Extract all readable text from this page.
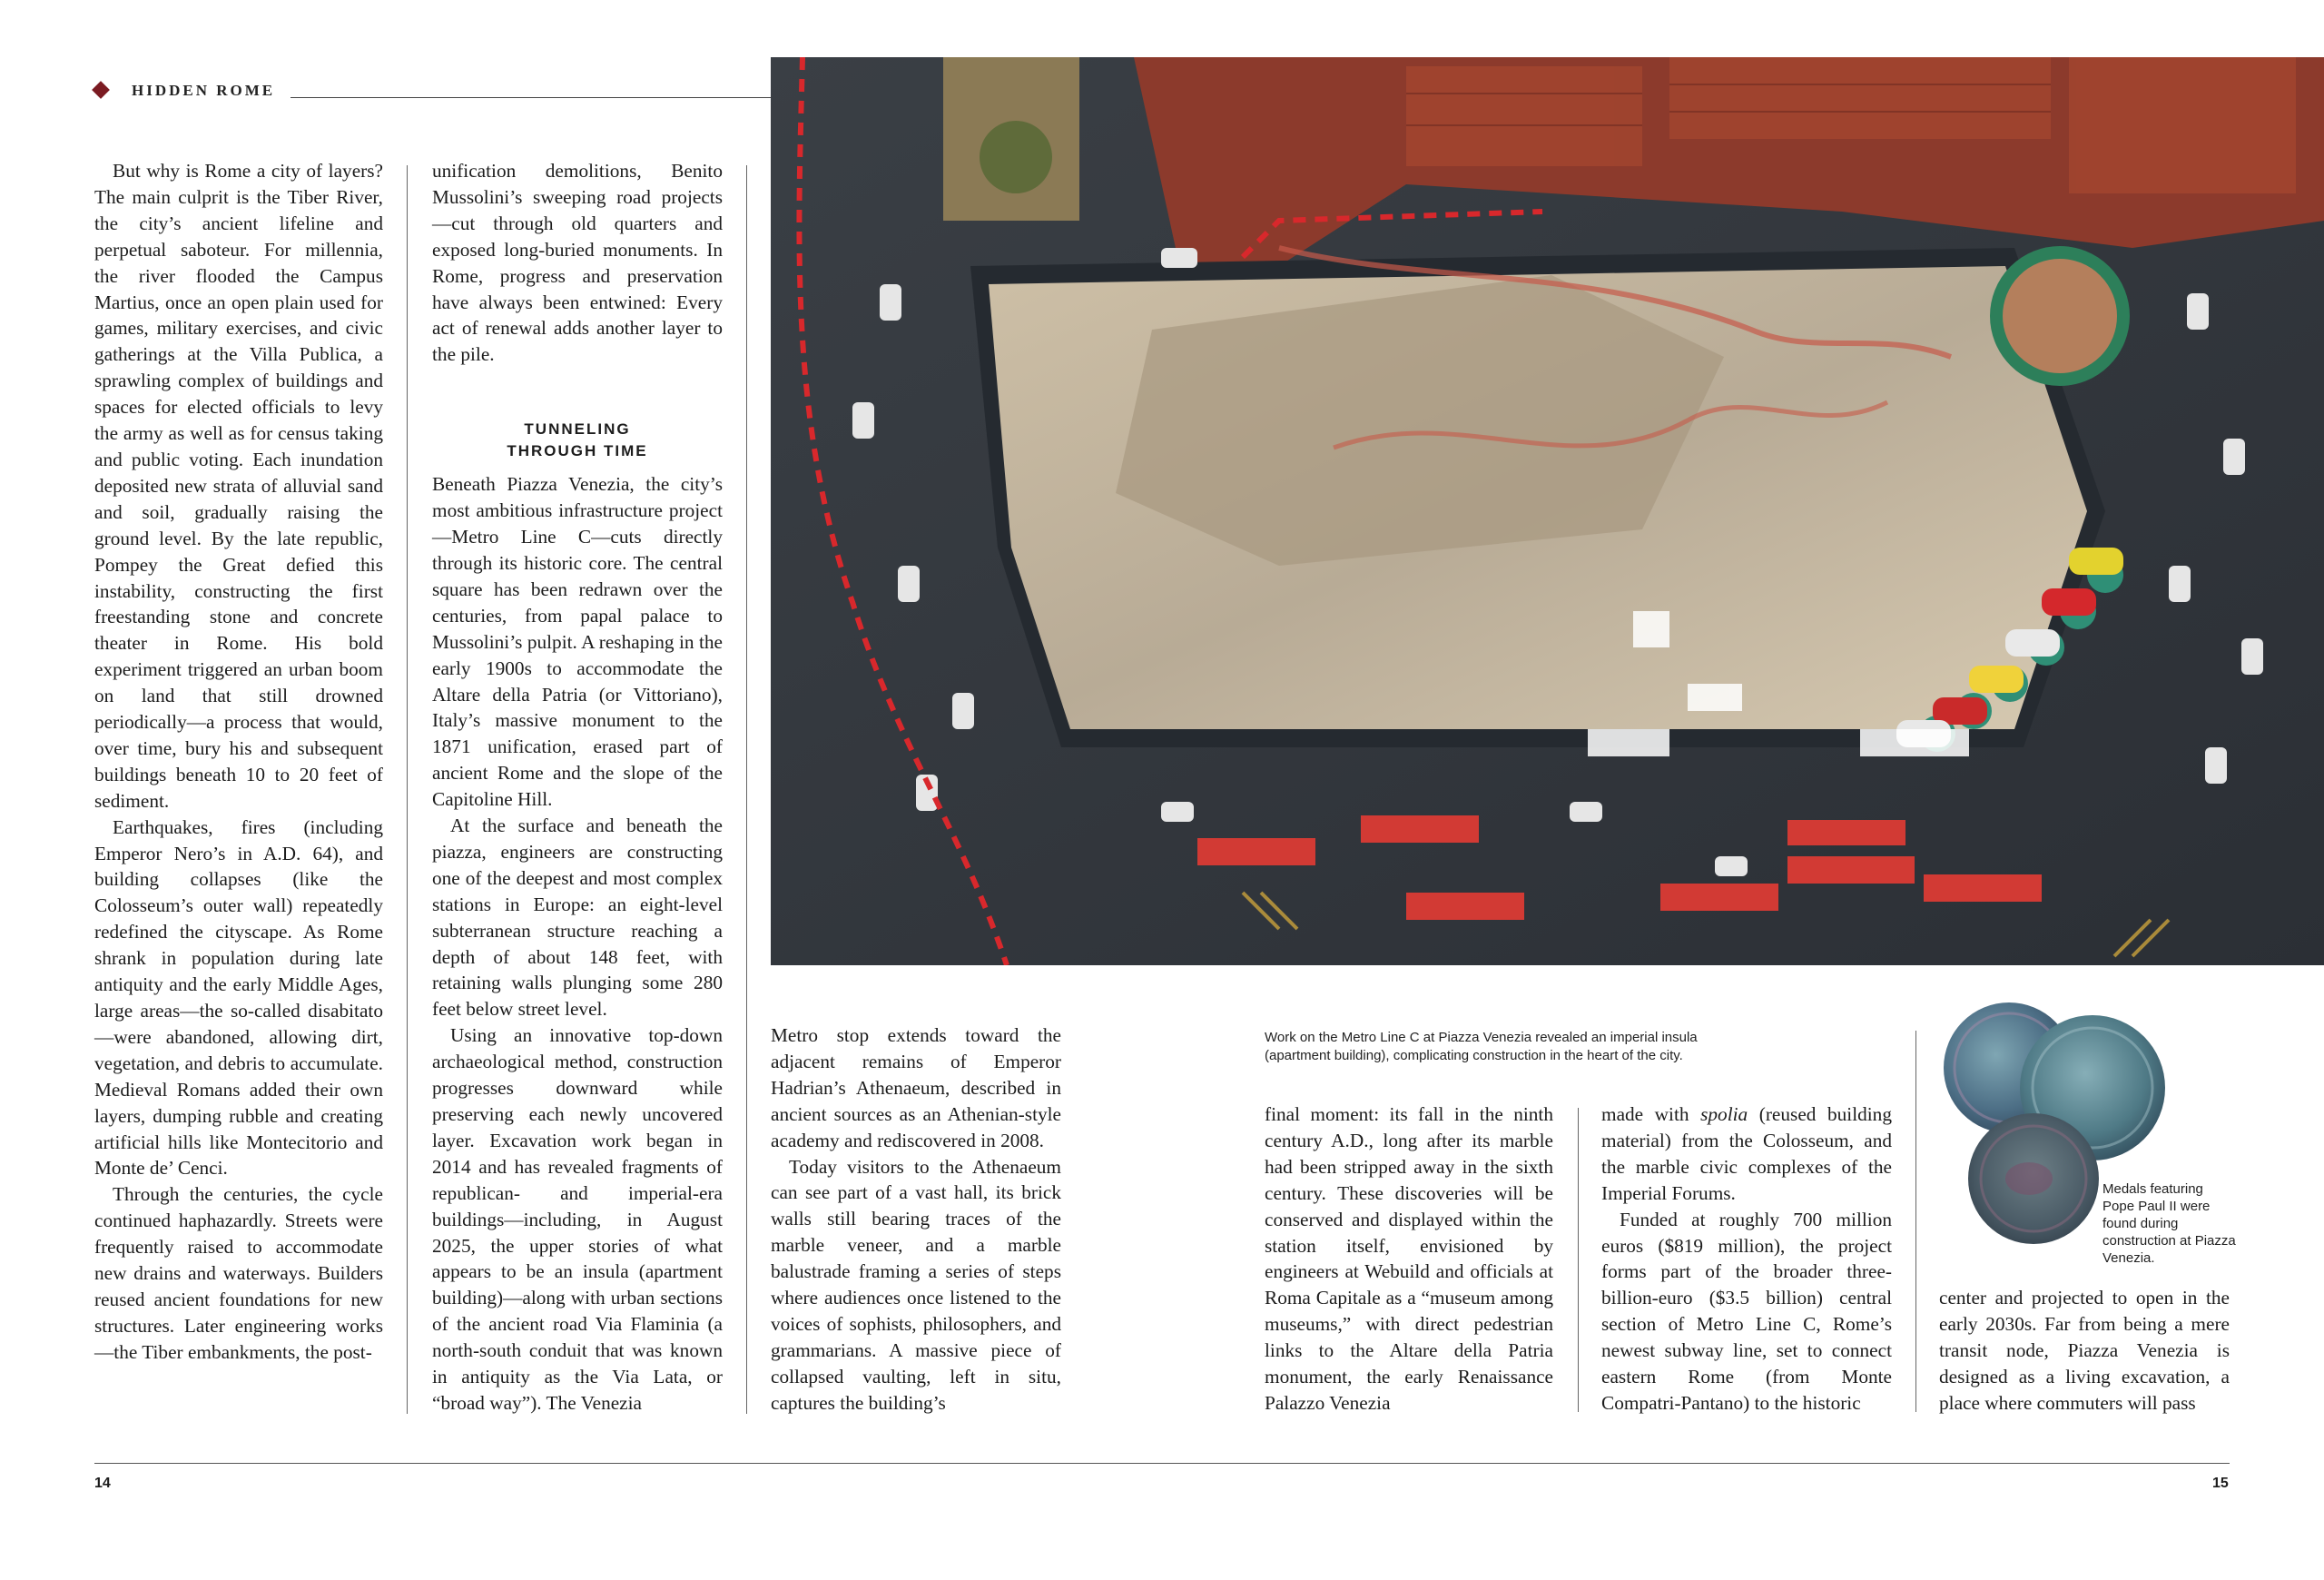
HIDDEN ROME

But why is Rome a city of layers? The main culprit is the Tiber River, the city’s ancient lifeline and perpetual saboteur. For millennia, the river flooded the Campus Martius, once an open plain used for games, military exercises, and civic gatherings at the Villa Publica, a sprawling complex of buildings and spaces for elected officials to levy the army as well as for census taking and public voting. Each inundation deposited new strata of alluvial sand and soil, gradually raising the ground level. By the late republic, Pompey the Great defied this instability, constructing the first freestanding stone and concrete theater in Rome. His bold experiment triggered an urban boom on land that still drowned periodically—a process that would, over time, bury his and subsequent buildings beneath 10 to 20 feet of sediment.

Earthquakes, fires (including Emperor Nero’s in A.D. 64), and building collapses (like the Colosseum’s outer wall) repeatedly redefined the cityscape. As Rome shrank in population during late antiquity and the early Middle Ages, large areas—the so-called disabitato—were abandoned, allowing dirt, vegetation, and debris to accumulate. Medieval Romans added their own layers, dumping rubble and creating artificial hills like Montecitorio and Monte de’ Cenci.

Through the centuries, the cycle continued haphazardly. Streets were frequently raised to accommodate new drains and waterways. Builders reused ancient foundations for new structures. Later engineering works—the Tiber embankments, the post-

unification demolitions, Benito Mussolini’s sweeping road projects—cut through old quarters and exposed long-buried monuments. In Rome, progress and preservation have always been entwined: Every act of renewal adds another layer to the pile.

TUNNELING
THROUGH TIME

Beneath Piazza Venezia, the city’s most ambitious infrastructure project—Metro Line C—cuts directly through its historic core. The central square has been redrawn over the centuries, from papal palace to Mussolini’s pulpit. A reshaping in the early 1900s to accommodate the Altare della Patria (or Vittoriano), Italy’s massive monument to the 1871 unification, erased part of ancient Rome and the slope of the Capitoline Hill.

At the surface and beneath the piazza, engineers are constructing one of the deepest and most complex stations in Europe: an eight-level subterranean structure reaching a depth of about 148 feet, with retaining walls plunging some 280 feet below street level.

Using an innovative top-down archaeological method, construction progresses downward while preserving each newly uncovered layer. Excavation work began in 2014 and has revealed fragments of republican- and imperial-era buildings—including, in August 2025, the upper stories of what appears to be an insula (apartment building)—along with urban sections of the ancient road Via Flaminia (a north-south conduit that was known in antiquity as the Via Lata, or “broad way”). The Venezia

Metro stop extends toward the adjacent remains of Emperor Hadrian’s Athenaeum, described in ancient sources as an Athenian-style academy and rediscovered in 2008.

Today visitors to the Athenaeum can see part of a vast hall, its brick walls still bearing traces of the marble veneer, and a marble balustrade framing a series of steps where audiences once listened to the voices of sophists, philosophers, and grammarians. A massive piece of collapsed vaulting, left in situ, captures the building’s

Work on the Metro Line C at Piazza Venezia revealed an imperial insula
(apartment building), complicating construction in the heart of the city.

final moment: its fall in the ninth century A.D., long after its marble had been stripped away in the sixth century. These discoveries will be conserved and displayed within the station itself, envisioned by engineers at Webuild and officials at Roma Capitale as a “museum among museums,” with direct pedestrian links to the Altare della Patria monument, the early Renaissance Palazzo Venezia

made with spolia (reused building material) from the Colosseum, and the marble civic complexes of the Imperial Forums.

Funded at roughly 700 million euros ($819 million), the project forms part of the broader three-billion-euro ($3.5 billion) central section of Metro Line C, Rome’s newest subway line, set to connect eastern Rome (from Monte Compatri-Pantano) to the historic

Medals featuring Pope Paul II were found during construction at Piazza Venezia.

center and projected to open in the early 2030s. Far from being a mere transit node, Piazza Venezia is designed as a living excavation, a place where commuters will pass

14	15
